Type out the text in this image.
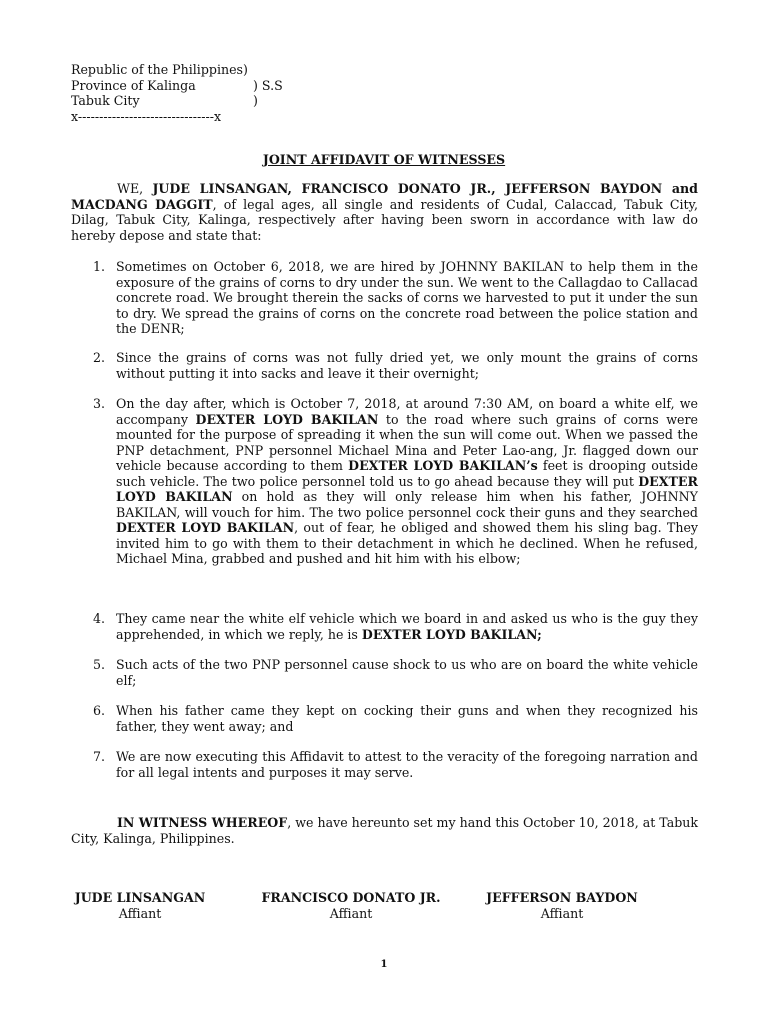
Republic of the Philippines)
Province of Kalinga	) S.S
Tabuk City	)
x--------------------------------x
JOINT AFFIDAVIT OF WITNESSES
WE, JUDE LINSANGAN, FRANCISCO DONATO JR., JEFFERSON BAYDON and MACDANG DAGGIT, of legal ages, all single and residents of Cudal, Calaccad, Tabuk City, Dilag, Tabuk City, Kalinga, respectively after having been sworn in accordance with law do hereby depose and state that:
1. Sometimes on October 6, 2018, we are hired by JOHNNY BAKILAN to help them in the exposure of the grains of corns to dry under the sun. We went to the Callagdao to Callacad concrete road. We brought therein the sacks of corns we harvested to put it under the sun to dry. We spread the grains of corns on the concrete road between the police station and the DENR;
2. Since the grains of corns was not fully dried yet, we only mount the grains of corns without putting it into sacks and leave it their overnight;
3. On the day after, which is October 7, 2018, at around 7:30 AM, on board a white elf, we accompany DEXTER LOYD BAKILAN to the road where such grains of corns were mounted for the purpose of spreading it when the sun will come out. When we passed the PNP detachment, PNP personnel Michael Mina and Peter Lao-ang, Jr. flagged down our vehicle because according to them DEXTER LOYD BAKILAN’s feet is drooping outside such vehicle. The two police personnel told us to go ahead because they will put DEXTER LOYD BAKILAN on hold as they will only release him when his father, JOHNNY BAKILAN, will vouch for him. The two police personnel cock their guns and they searched DEXTER LOYD BAKILAN, out of fear, he obliged and showed them his sling bag. They invited him to go with them to their detachment in which he declined. When he refused, Michael Mina, grabbed and pushed and hit him with his elbow;
4. They came near the white elf vehicle which we board in and asked us who is the guy they apprehended, in which we reply, he is DEXTER LOYD BAKILAN;
5. Such acts of the two PNP personnel cause shock to us who are on board the white vehicle elf;
6. When his father came they kept on cocking their guns and when they recognized his father, they went away; and
7. We are now executing this Affidavit to attest to the veracity of the foregoing narration and for all legal intents and purposes it may serve.
IN WITNESS WHEREOF, we have hereunto set my hand this October 10, 2018, at Tabuk City, Kalinga, Philippines.
JUDE LINSANGAN
Affiant
FRANCISCO DONATO JR.
Affiant
JEFFERSON BAYDON
Affiant
1
